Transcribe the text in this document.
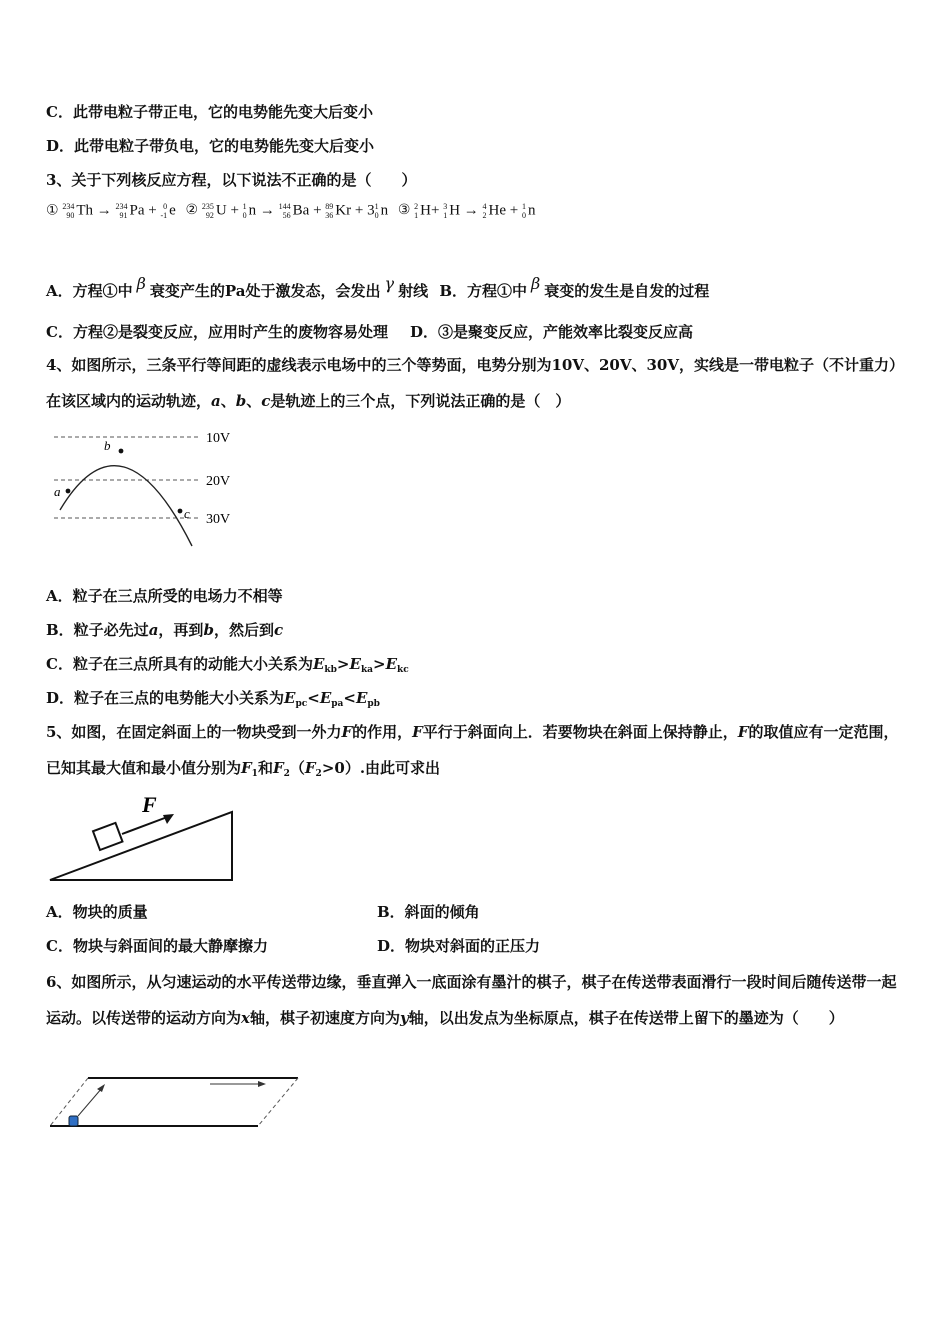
C．此带电粒子带正电，它的电势能先变大后变小
D．此带电粒子带负电，它的电势能先变大后变小
3、关于下列核反应方程，以下说法不正确的是（　　）
① 234
90 Th → 234
91 Pa + 0
-1 e ② 235
92 U + 1
0 n → 144
56 Ba + 89
36 Kr + 3 1
0 n ③ 2
1 H+ 3
1 H → 4
2 He + 1
0 n
A．方程①中 β 衰变产生的Pa处于激发态，会发出 γ 射线 B．方程①中 β 衰变的发生是自发的过程
C．方程②是裂变反应，应用时产生的废物容易处理 D．③是聚变反应，产能效率比裂变反应高
4、如图所示，三条平行等间距的虚线表示电场中的三个等势面，电势分别为10V、20V、30V，实线是一带电粒子（不计重力）在该区域内的运动轨迹，a、b、c是轨迹上的三个点，下列说法正确的是（　）
a
b
c
10V
20V
30V
A．粒子在三点所受的电场力不相等
B．粒子必先过a，再到b，然后到c
C．粒子在三点所具有的动能大小关系为$E_{kb}>E_{ka}>E_{kc}$
D．粒子在三点的电势能大小关系为$E_{pc}<E_{pa}<E_{pb}$
5、如图，在固定斜面上的一物块受到一外力F的作用，F平行于斜面向上．若要物块在斜面上保持静止，F的取值应有一定范围，已知其最大值和最小值分别为$F_1$和$F_2(F_2>0)$.由此可求出
F
A．物块的质量	B．斜面的倾角
C．物块与斜面间的最大静摩擦力	D．物块对斜面的正压力
6、如图所示，从匀速运动的水平传送带边缘，垂直弹入一底面涂有墨汁的棋子，棋子在传送带表面滑行一段时间后随传送带一起运动。以传送带的运动方向为x轴，棋子初速度方向为y轴，以出发点为坐标原点，棋子在传送带上留下的墨迹为（　　）
